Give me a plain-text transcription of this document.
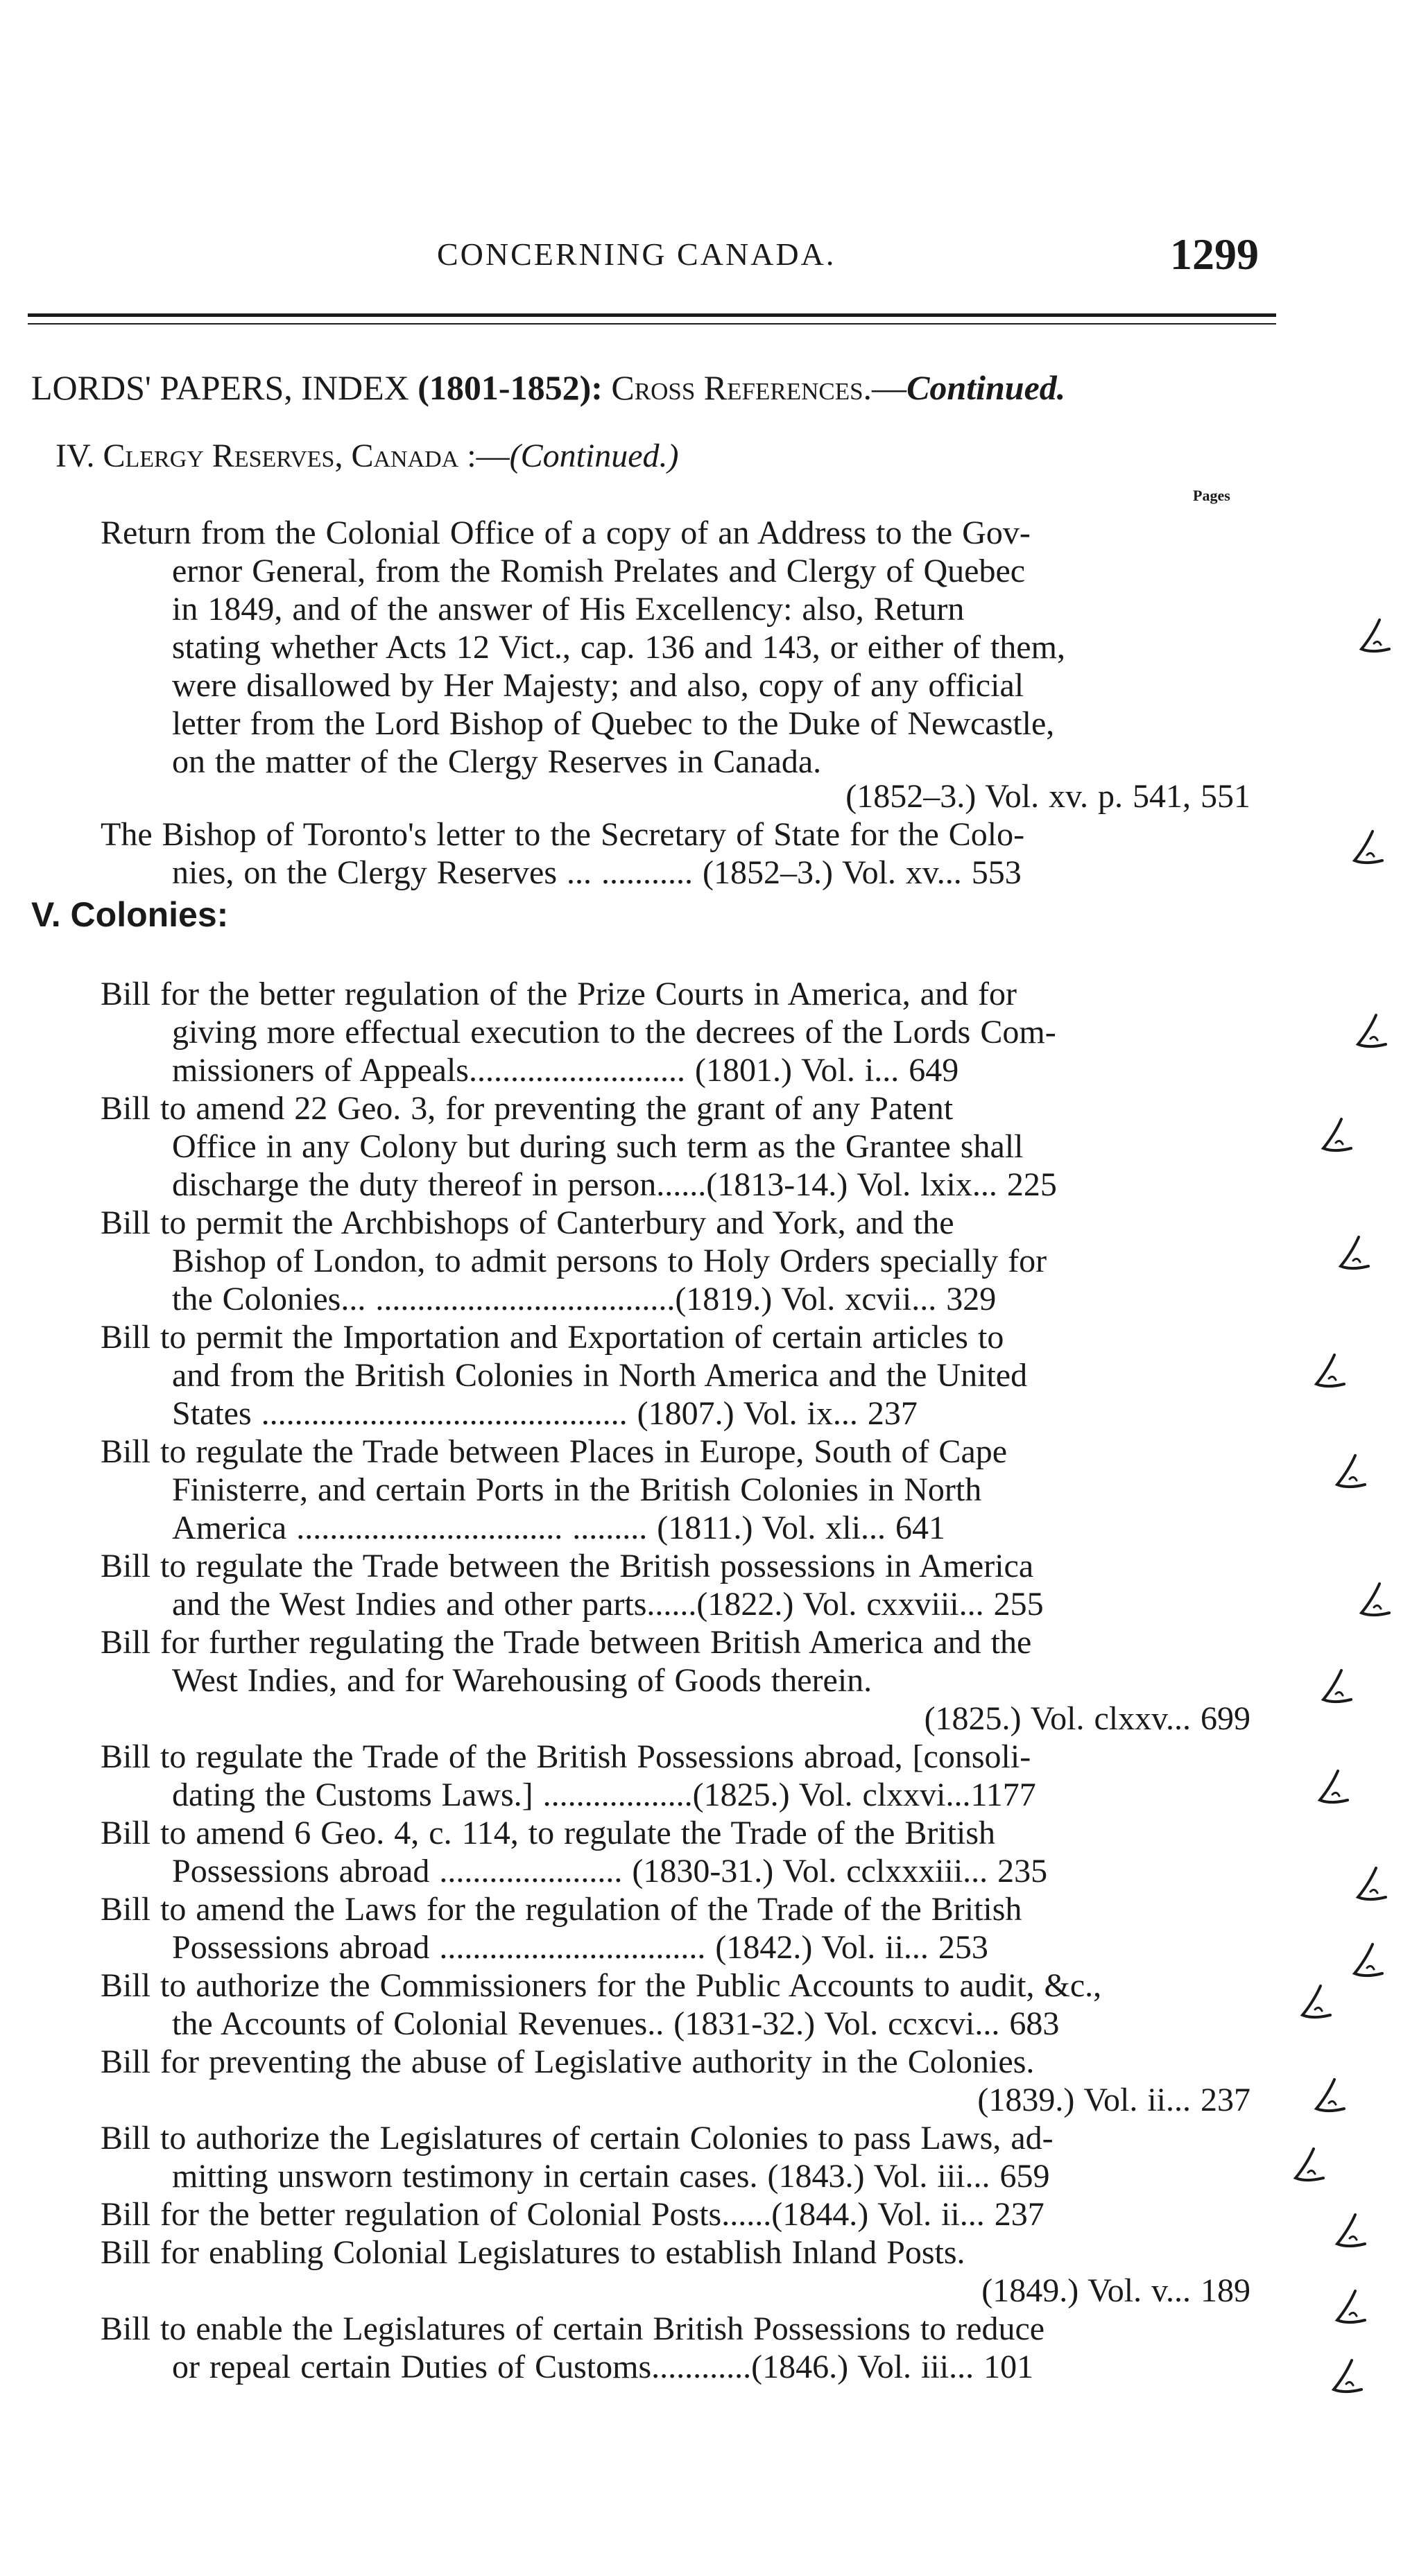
CONCERNING CANADA.	1299
LORDS' PAPERS, INDEX (1801-1852): Cross References.—Continued.
IV. Clergy Reserves, Canada :—(Continued.)
Pages
Return from the Colonial Office of a copy of an Address to the Gov-
ernor General, from the Romish Prelates and Clergy of Quebec
in 1849, and of the answer of His Excellency: also, Return
stating whether Acts 12 Vict., cap. 136 and 143, or either of them,
were disallowed by Her Majesty; and also, copy of any official
letter from the Lord Bishop of Quebec to the Duke of Newcastle,
on the matter of the Clergy Reserves in Canada.
(1852–3.) Vol. xv. p. 541, 551
The Bishop of Toronto's letter to the Secretary of State for the Colo-
nies, on the Clergy Reserves ... ........... (1852–3.) Vol. xv... 553
V. Colonies:
Bill for the better regulation of the Prize Courts in America, and for
giving more effectual execution to the decrees of the Lords Com-
missioners of Appeals.......................... (1801.) Vol. i... 649
Bill to amend 22 Geo. 3, for preventing the grant of any Patent
Office in any Colony but during such term as the Grantee shall
discharge the duty thereof in person......(1813-14.) Vol. lxix... 225
Bill to permit the Archbishops of Canterbury and York, and the
Bishop of London, to admit persons to Holy Orders specially for
the Colonies... ....................................(1819.) Vol. xcvii... 329
Bill to permit the Importation and Exportation of certain articles to
and from the British Colonies in North America and the United
States ............................................ (1807.) Vol. ix... 237
Bill to regulate the Trade between Places in Europe, South of Cape
Finisterre, and certain Ports in the British Colonies in North
America ................................ ......... (1811.) Vol. xli... 641
Bill to regulate the Trade between the British possessions in America
and the West Indies and other parts......(1822.) Vol. cxxviii... 255
Bill for further regulating the Trade between British America and the
West Indies, and for Warehousing of Goods therein.
(1825.) Vol. clxxv... 699
Bill to regulate the Trade of the British Possessions abroad, [consoli-
dating the Customs Laws.] ..................(1825.) Vol. clxxvi...1177
Bill to amend 6 Geo. 4, c. 114, to regulate the Trade of the British
Possessions abroad ...................... (1830-31.) Vol. cclxxxiii... 235
Bill to amend the Laws for the regulation of the Trade of the British
Possessions abroad ................................ (1842.) Vol. ii... 253
Bill to authorize the Commissioners for the Public Accounts to audit, &c.,
the Accounts of Colonial Revenues.. (1831-32.) Vol. ccxcvi... 683
Bill for preventing the abuse of Legislative authority in the Colonies.
(1839.) Vol. ii... 237
Bill to authorize the Legislatures of certain Colonies to pass Laws, ad-
mitting unsworn testimony in certain cases. (1843.) Vol. iii... 659
Bill for the better regulation of Colonial Posts......(1844.) Vol. ii... 237
Bill for enabling Colonial Legislatures to establish Inland Posts.
(1849.) Vol. v... 189
Bill to enable the Legislatures of certain British Possessions to reduce
or repeal certain Duties of Customs............(1846.) Vol. iii... 101
